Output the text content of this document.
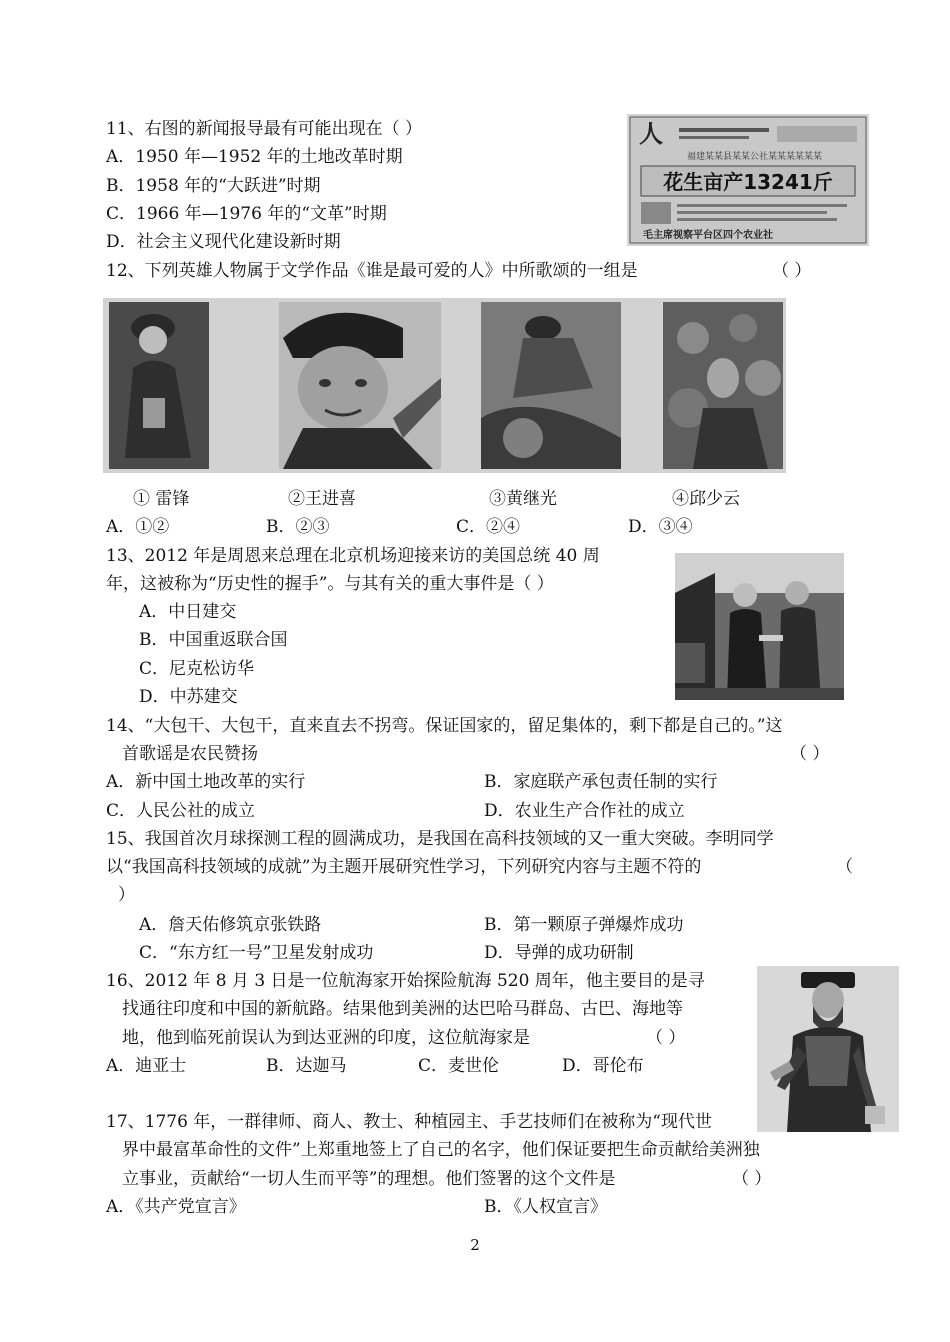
11、右图的新闻报导最有可能出现在（ ）
A．1950 年—1952 年的土地改革时期
B．1958 年的“大跃进”时期
C．1966 年—1976 年的“文革”时期
D．社会主义现代化建设新时期
人
福建某某县某某公社某某某某某某
花生亩产13241斤
毛主席视察平台区四个农业社
12、下列英雄人物属于文学作品《谁是最可爱的人》中所歌颂的一组是	（ ）
① 雷锋	②王进喜	③黄继光	④邱少云
A．①②	B．②③	C．②④	D．③④
13、2012 年是周恩来总理在北京机场迎接来访的美国总统 40 周
年，这被称为“历史性的握手”。与其有关的重大事件是（ ）
A．中日建交
B．中国重返联合国
C．尼克松访华
D．中苏建交
14、“大包干、大包干，直来直去不拐弯。保证国家的，留足集体的，剩下都是自己的。”这
首歌谣是农民赞扬	（ ）
A．新中国土地改革的实行	B．家庭联产承包责任制的实行
C．人民公社的成立	D．农业生产合作社的成立
15、我国首次月球探测工程的圆满成功，是我国在高科技领域的又一重大突破。李明同学
以“我国高科技领域的成就”为主题开展研究性学习，下列研究内容与主题不符的	（
）
A．詹天佑修筑京张铁路	B．第一颗原子弹爆炸成功
C．“东方红一号”卫星发射成功	D．导弹的成功研制
16、2012 年 8 月 3 日是一位航海家开始探险航海 520 周年，他主要目的是寻
找通往印度和中国的新航路。结果他到美洲的达巴哈马群岛、古巴、海地等
地，他到临死前误认为到达亚洲的印度，这位航海家是	（ ）
A．迪亚士	B．达迦马	C．麦世伦	D．哥伦布
17、1776 年，一群律师、商人、教士、种植园主、手艺技师们在被称为“现代世
界中最富革命性的文件”上郑重地签上了自己的名字，他们保证要把生命贡献给美洲独
立事业，贡献给“一切人生而平等”的理想。他们签署的这个文件是	（ ）
A．《共产党宣言》	B．《人权宣言》
2
